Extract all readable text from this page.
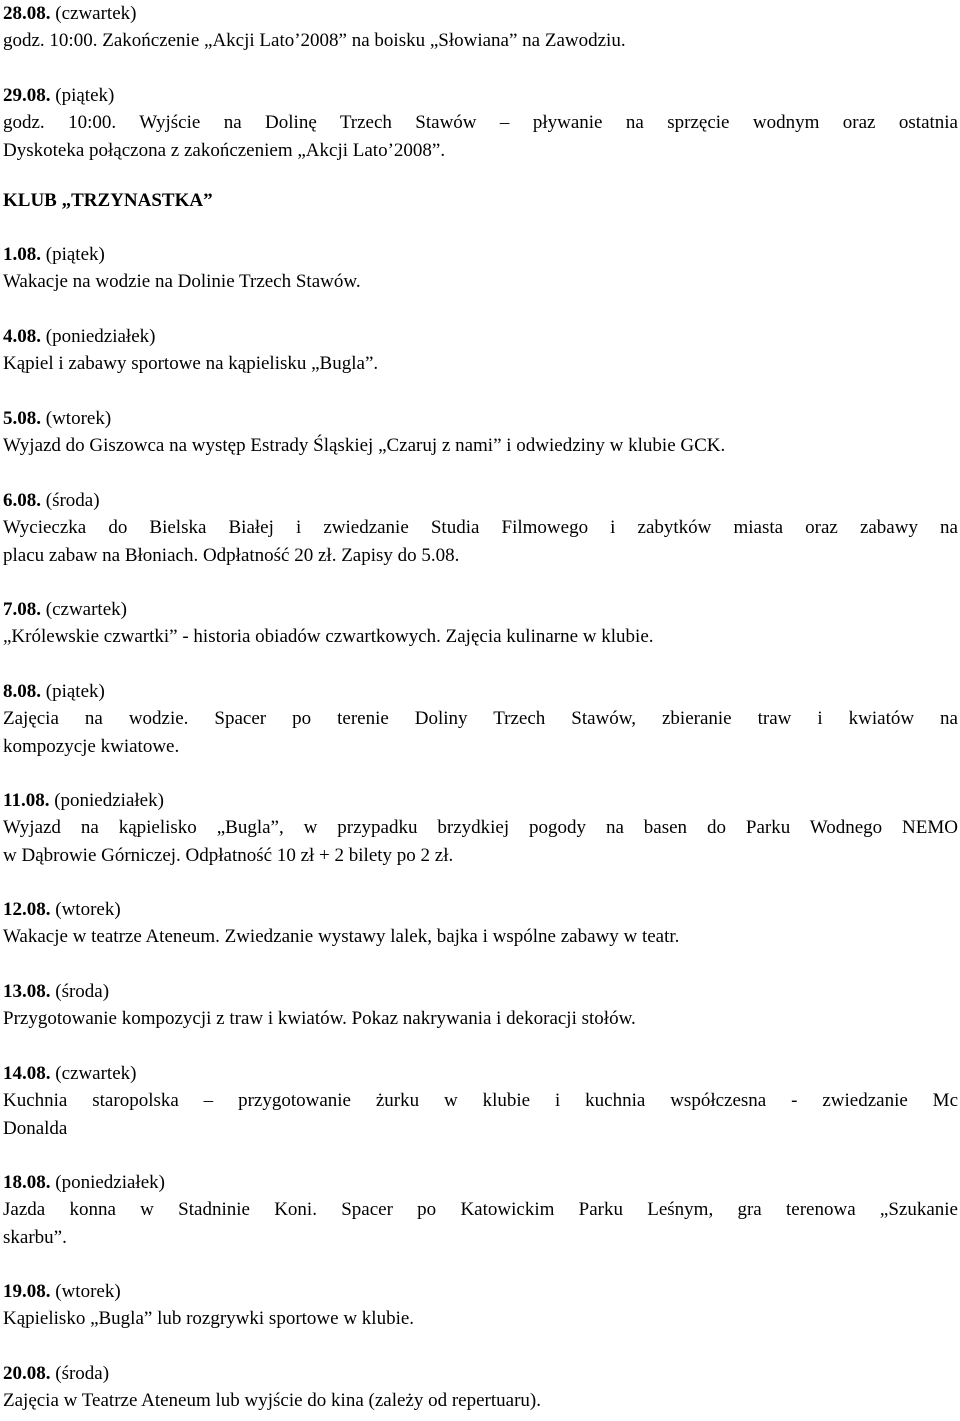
KLUB „TRZYNASTKA”
28.08. (czwartek)
godz. 10:00. Zakończenie „Akcji Lato’2008” na boisku „Słowiana” na Zawodziu.
29.08. (piątek)
godz. 10:00. Wyjście na Dolinę Trzech Stawów – pływanie na sprzęcie wodnym oraz ostatnia
Dyskoteka połączona z zakończeniem „Akcji Lato’2008”.
1.08. (piątek)
Wakacje na wodzie na Dolinie Trzech Stawów.
4.08. (poniedziałek)
Kąpiel i zabawy sportowe na kąpielisku „Bugla”.
5.08. (wtorek)
Wyjazd do Giszowca na występ Estrady Śląskiej „Czaruj z nami” i odwiedziny w klubie GCK.
6.08. (środa)
Wycieczka do Bielska Białej i zwiedzanie Studia Filmowego i zabytków miasta oraz zabawy na
placu zabaw na Błoniach. Odpłatność 20 zł. Zapisy do 5.08.
7.08. (czwartek)
„Królewskie czwartki” - historia obiadów czwartkowych. Zajęcia kulinarne w klubie.
8.08. (piątek)
Zajęcia na wodzie. Spacer po terenie Doliny Trzech Stawów, zbieranie traw i kwiatów na
kompozycje kwiatowe.
11.08. (poniedziałek)
Wyjazd na kąpielisko „Bugla”, w przypadku brzydkiej pogody na basen do Parku Wodnego NEMO
w Dąbrowie Górniczej. Odpłatność 10 zł + 2 bilety po 2 zł.
12.08. (wtorek)
Wakacje w teatrze Ateneum. Zwiedzanie wystawy lalek, bajka i wspólne zabawy w teatr.
13.08. (środa)
Przygotowanie kompozycji z traw i kwiatów. Pokaz nakrywania i dekoracji stołów.
14.08. (czwartek)
Kuchnia staropolska – przygotowanie żurku w klubie i kuchnia współczesna - zwiedzanie Mc
Donalda
18.08. (poniedziałek)
Jazda konna w Stadninie Koni. Spacer po Katowickim Parku Leśnym, gra terenowa „Szukanie
skarbu”.
19.08. (wtorek)
Kąpielisko „Bugla” lub rozgrywki sportowe w klubie.
20.08. (środa)
Zajęcia w Teatrze Ateneum lub wyjście do kina (zależy od repertuaru).
